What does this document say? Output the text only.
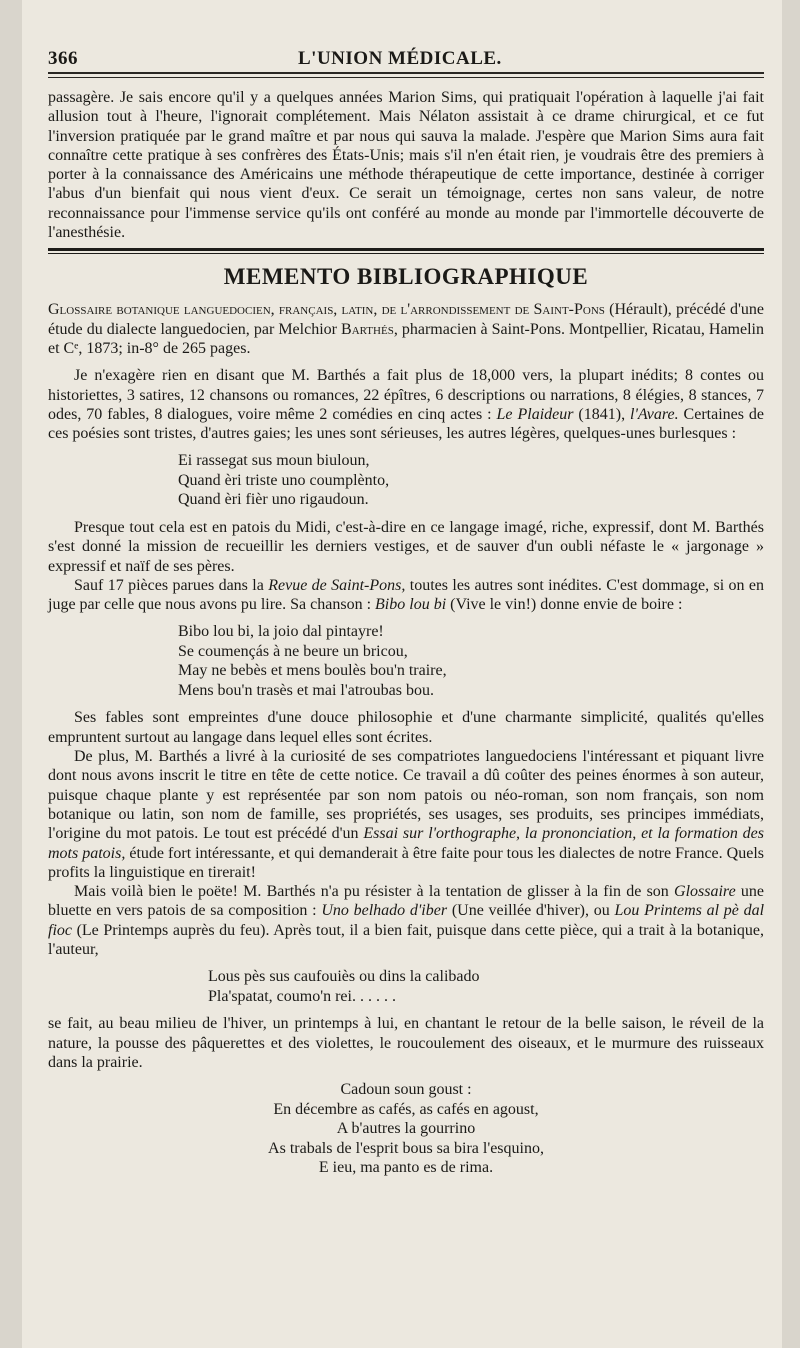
366	L'UNION MÉDICALE.

passagère. Je sais encore qu'il y a quelques années Marion Sims, qui pratiquait l'opération à laquelle j'ai fait allusion tout à l'heure, l'ignorait complétement. Mais Nélaton assistait à ce drame chirurgical, et ce fut l'inversion pratiquée par le grand maître et par nous qui sauva la malade. J'espère que Marion Sims aura fait connaître cette pratique à ses confrères des États-Unis; mais s'il n'en était rien, je voudrais être des premiers à porter à la connaissance des Américains une méthode thérapeutique de cette importance, destinée à corriger l'abus d'un bienfait qui nous vient d'eux. Ce serait un témoignage, certes non sans valeur, de notre reconnaissance pour l'immense service qu'ils ont conféré au monde au monde par l'immortelle découverte de l'anesthésie.

MEMENTO BIBLIOGRAPHIQUE
Glossaire botanique languedocien, français, latin, de l'arrondissement de Saint-Pons (Hérault), précédé d'une étude du dialecte languedocien, par Melchior Barthés, pharmacien à Saint-Pons. Montpellier, Ricatau, Hamelin et Cᵉ, 1873; in-8° de 265 pages.

Je n'exagère rien en disant que M. Barthés a fait plus de 18,000 vers, la plupart inédits; 8 contes ou historiettes, 3 satires, 12 chansons ou romances, 22 épîtres, 6 descriptions ou narrations, 8 élégies, 8 stances, 7 odes, 70 fables, 8 dialogues, voire même 2 comédies en cinq actes : Le Plaideur (1841), l'Avare. Certaines de ces poésies sont tristes, d'autres gaies; les unes sont sérieuses, les autres légères, quelques-unes burlesques :

Ei rassegat sus moun biuloun,
Quand èri triste uno coumplènto,
Quand èri fièr uno rigaudoun.

Presque tout cela est en patois du Midi, c'est-à-dire en ce langage imagé, riche, expressif, dont M. Barthés s'est donné la mission de recueillir les derniers vestiges, et de sauver d'un oubli néfaste le « jargonage » expressif et naïf de ses pères.

Sauf 17 pièces parues dans la Revue de Saint-Pons, toutes les autres sont inédites. C'est dommage, si on en juge par celle que nous avons pu lire. Sa chanson : Bibo lou bi (Vive le vin!) donne envie de boire :

Bibo lou bi, la joio dal pintayre!
Se coumençás à ne beure un bricou,
May ne bebès et mens boulès bou'n traire,
Mens bou'n trasès et mai l'atroubas bou.

Ses fables sont empreintes d'une douce philosophie et d'une charmante simplicité, qualités qu'elles empruntent surtout au langage dans lequel elles sont écrites.

De plus, M. Barthés a livré à la curiosité de ses compatriotes languedociens l'intéressant et piquant livre dont nous avons inscrit le titre en tête de cette notice. Ce travail a dû coûter des peines énormes à son auteur, puisque chaque plante y est représentée par son nom patois ou néo-roman, son nom français, son nom botanique ou latin, son nom de famille, ses propriétés, ses usages, ses produits, ses principes immédiats, l'origine du mot patois. Le tout est précédé d'un Essai sur l'orthographe, la prononciation, et la formation des mots patois, étude fort intéressante, et qui demanderait à être faite pour tous les dialectes de notre France. Quels profits la linguistique en tirerait!

Mais voilà bien le poëte! M. Barthés n'a pu résister à la tentation de glisser à la fin de son Glossaire une bluette en vers patois de sa composition : Uno belhado d'iber (Une veillée d'hiver), ou Lou Printems al pè dal fioc (Le Printemps auprès du feu). Après tout, il a bien fait, puisque dans cette pièce, qui a trait à la botanique, l'auteur,

Lous pès sus caufouiès ou dins la calibado
Pla'spatat, coumo'n rei. . . . . .

se fait, au beau milieu de l'hiver, un printemps à lui, en chantant le retour de la belle saison, le réveil de la nature, la pousse des pâquerettes et des violettes, le roucoulement des oiseaux, et le murmure des ruisseaux dans la prairie.

Cadoun soun goust :
En décembre as cafés, as cafés en agoust,
A b'autres la gourrino
As trabals de l'esprit bous sa bira l'esquino,
E ieu, ma panto es de rima.
